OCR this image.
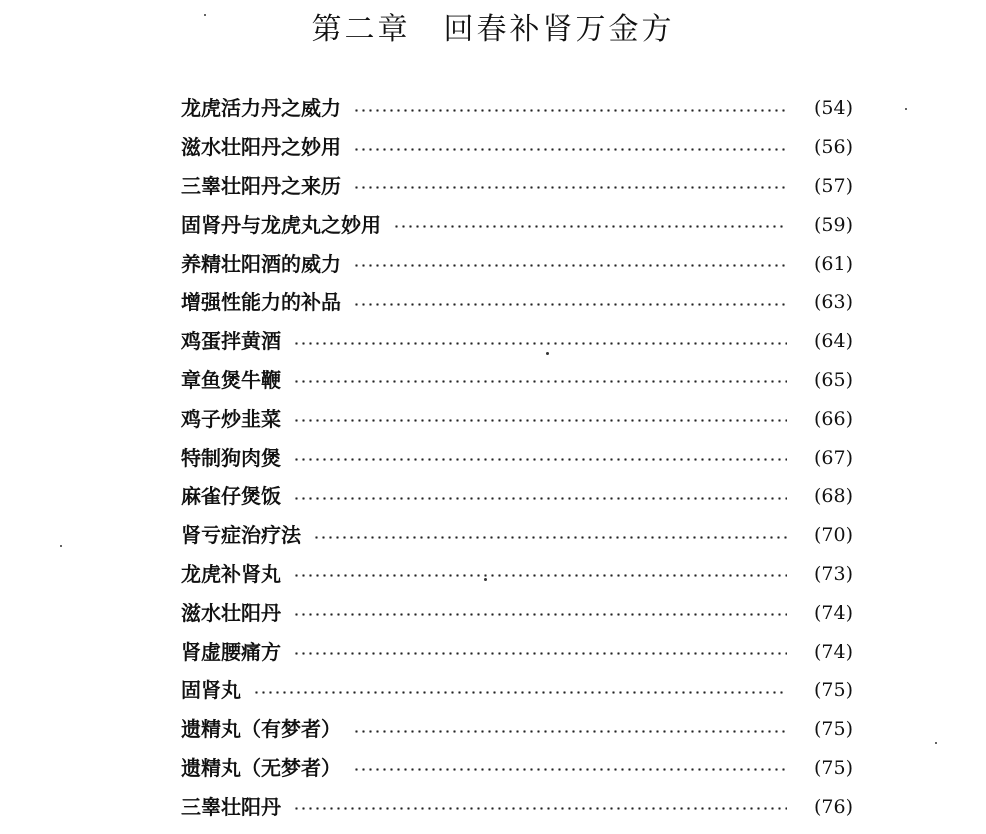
第二章　回春补肾万金方
龙虎活力丹之威力	(54)
滋水壮阳丹之妙用	(56)
三睾壮阳丹之来历	(57)
固肾丹与龙虎丸之妙用	(59)
养精壮阳酒的威力	(61)
增强性能力的补品	(63)
鸡蛋拌黄酒	(64)
章鱼煲牛鞭	(65)
鸡子炒韭菜	(66)
特制狗肉煲	(67)
麻雀仔煲饭	(68)
肾亏症治疗法	(70)
龙虎补肾丸	(73)
滋水壮阳丹	(74)
肾虚腰痛方	(74)
固肾丸	(75)
遗精丸（有梦者）	(75)
遗精丸（无梦者）	(75)
三睾壮阳丹	(76)
